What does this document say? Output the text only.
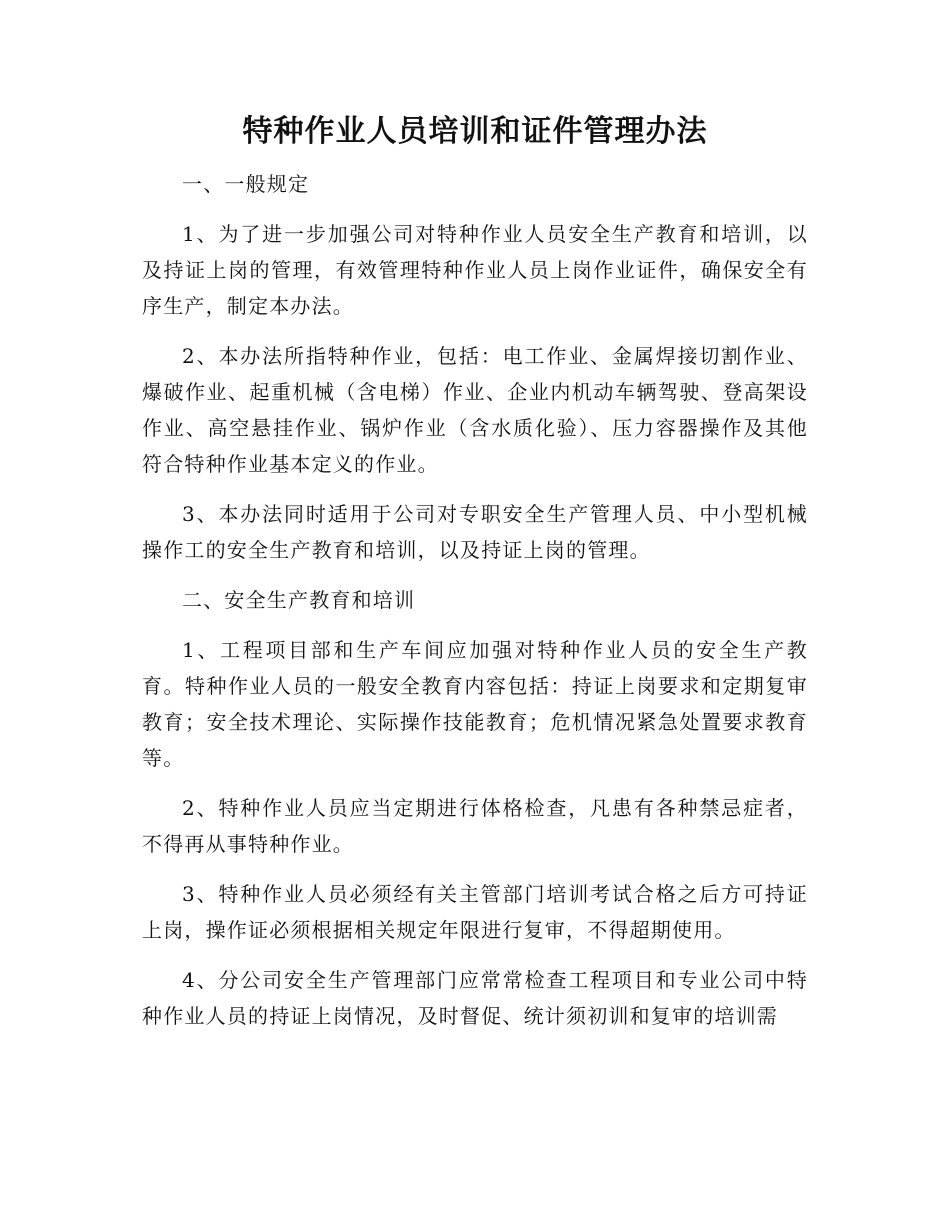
特种作业人员培训和证件管理办法

一、一般规定

1、为了进一步加强公司对特种作业人员安全生产教育和培训，以及持证上岗的管理，有效管理特种作业人员上岗作业证件，确保安全有序生产，制定本办法。

2、本办法所指特种作业，包括：电工作业、金属焊接切割作业、爆破作业、起重机械（含电梯）作业、企业内机动车辆驾驶、登高架设作业、高空悬挂作业、锅炉作业（含水质化验）、压力容器操作及其他符合特种作业基本定义的作业。

3、本办法同时适用于公司对专职安全生产管理人员、中小型机械操作工的安全生产教育和培训，以及持证上岗的管理。

二、安全生产教育和培训

1、工程项目部和生产车间应加强对特种作业人员的安全生产教育。特种作业人员的一般安全教育内容包括：持证上岗要求和定期复审教育；安全技术理论、实际操作技能教育；危机情况紧急处置要求教育等。

2、特种作业人员应当定期进行体格检查，凡患有各种禁忌症者，不得再从事特种作业。

3、特种作业人员必须经有关主管部门培训考试合格之后方可持证上岗，操作证必须根据相关规定年限进行复审，不得超期使用。

4、分公司安全生产管理部门应常常检查工程项目和专业公司中特种作业人员的持证上岗情况，及时督促、统计须初训和复审的培训需
